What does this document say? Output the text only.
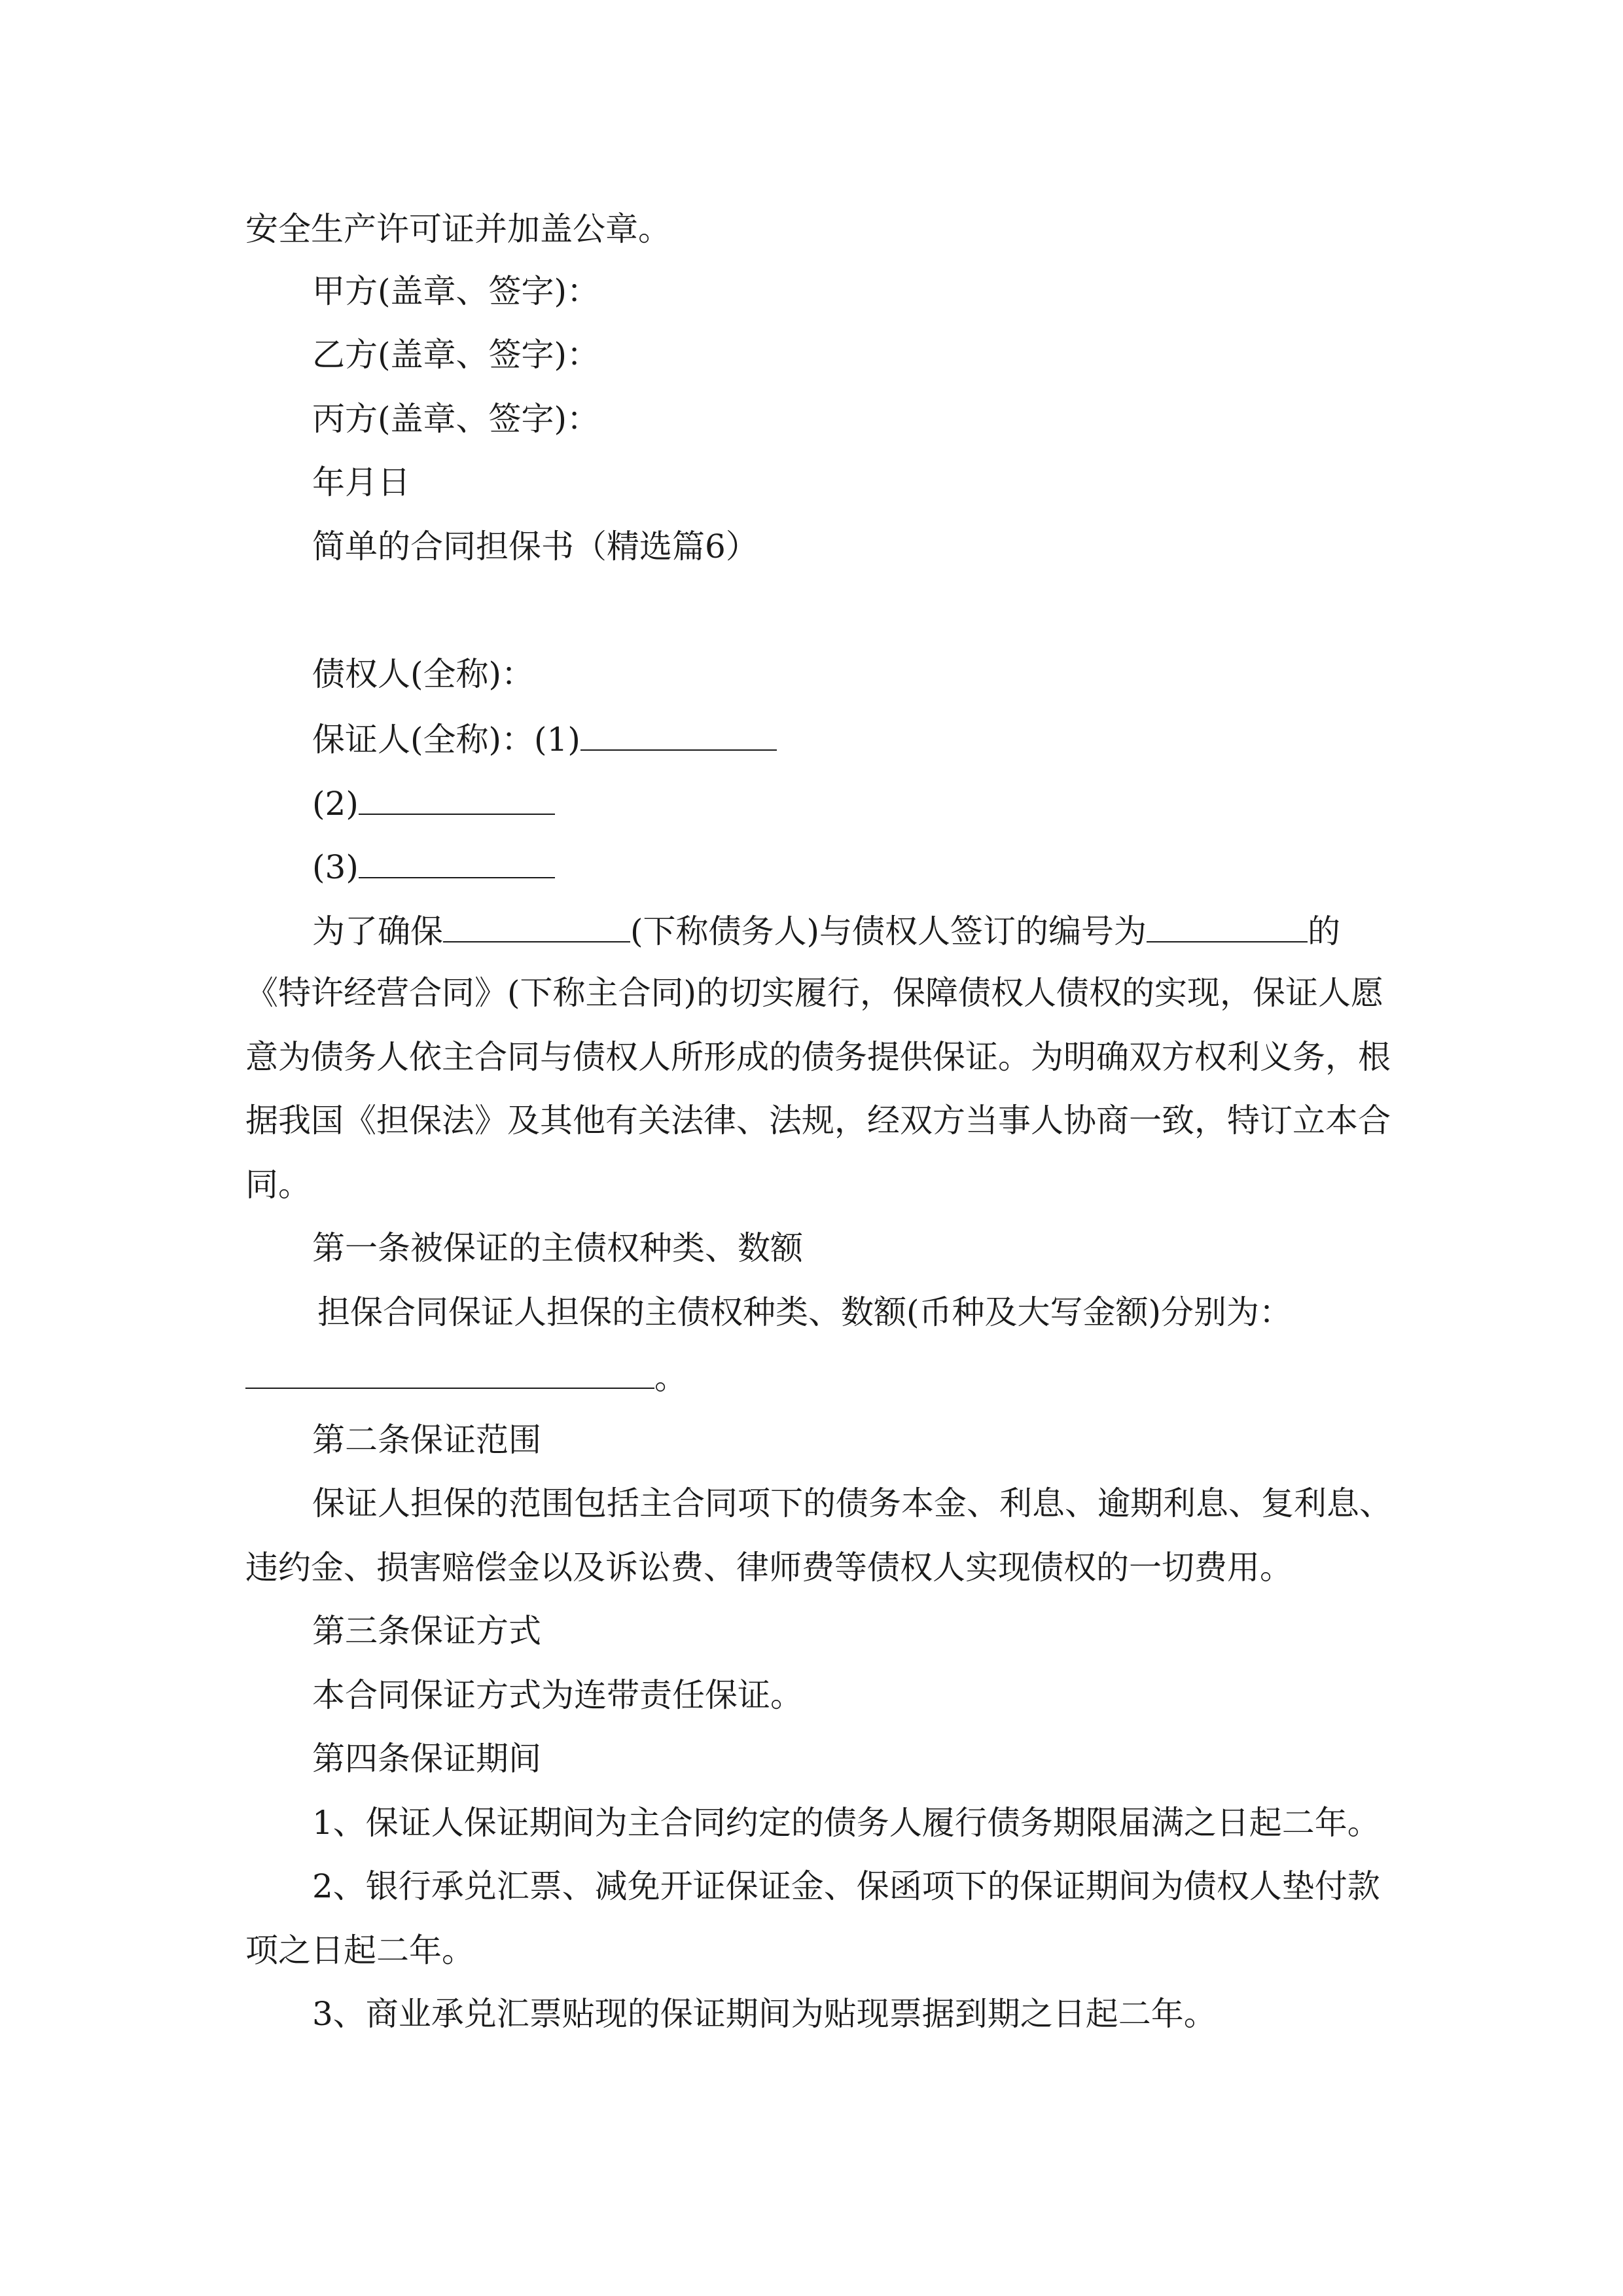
安全生产许可证并加盖公章。
甲方(盖章、签字)：
乙方(盖章、签字)：
丙方(盖章、签字)：
年月日
简单的合同担保书（精选篇6）
债权人(全称)：
保证人(全称)：(1)
(2)
(3)
为了确保	(下称债务人)与债权人签订的编号为	的
《特许经营合同》(下称主合同)的切实履行，保障债权人债权的实现，保证人愿
意为债务人依主合同与债权人所形成的债务提供保证。为明确双方权利义务，根
据我国《担保法》及其他有关法律、法规，经双方当事人协商一致，特订立本合
同。
第一条被保证的主债权种类、数额
担保合同保证人担保的主债权种类、数额(币种及大写金额)分别为：
。
第二条保证范围
保证人担保的范围包括主合同项下的债务本金、利息、逾期利息、复利息、
违约金、损害赔偿金以及诉讼费、律师费等债权人实现债权的一切费用。
第三条保证方式
本合同保证方式为连带责任保证。
第四条保证期间
1、保证人保证期间为主合同约定的债务人履行债务期限届满之日起二年。
2、银行承兑汇票、减免开证保证金、保函项下的保证期间为债权人垫付款
项之日起二年。
3、商业承兑汇票贴现的保证期间为贴现票据到期之日起二年。
